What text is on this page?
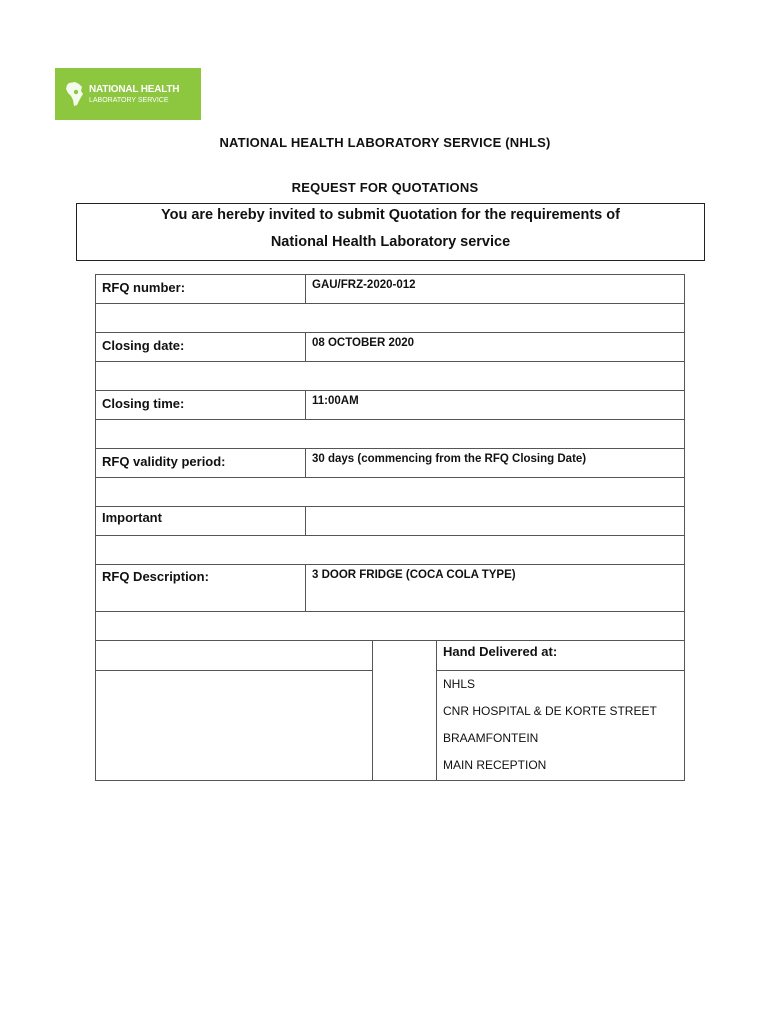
NATIONAL HEALTH
LABORATORY SERVICE
NATIONAL HEALTH LABORATORY SERVICE (NHLS)
REQUEST FOR QUOTATIONS
You are hereby invited to submit Quotation for the requirements of
National Health Laboratory service
RFQ number:	GAU/FRZ-2020-012
Closing date:	08 OCTOBER 2020
Closing time:	11:00AM
RFQ validity period:	30 days (commencing from the RFQ Closing Date)
Important
RFQ Description:	3 DOOR FRIDGE (COCA COLA TYPE)
Hand Delivered at:
NHLS
CNR HOSPITAL & DE KORTE STREET
BRAAMFONTEIN
MAIN RECEPTION
